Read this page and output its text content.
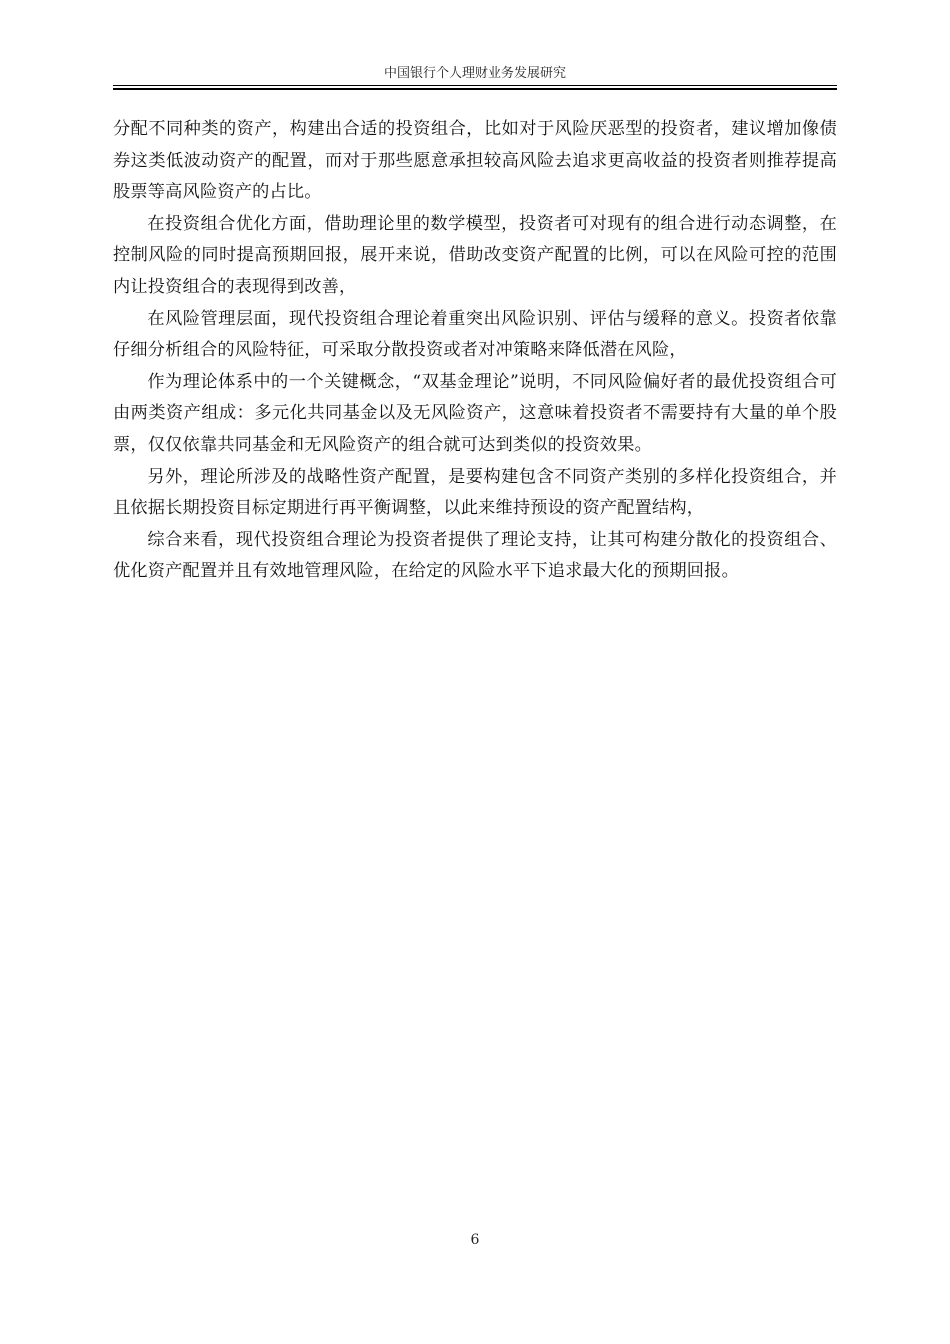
中国银行个人理财业务发展研究

分配不同种类的资产，构建出合适的投资组合，比如对于风险厌恶型的投资者，建议增加像债券这类低波动资产的配置，而对于那些愿意承担较高风险去追求更高收益的投资者则推荐提高股票等高风险资产的占比。

在投资组合优化方面，借助理论里的数学模型，投资者可对现有的组合进行动态调整，在控制风险的同时提高预期回报，展开来说，借助改变资产配置的比例，可以在风险可控的范围内让投资组合的表现得到改善，

在风险管理层面，现代投资组合理论着重突出风险识别、评估与缓释的意义。投资者依靠仔细分析组合的风险特征，可采取分散投资或者对冲策略来降低潜在风险，

作为理论体系中的一个关键概念，“双基金理论”说明，不同风险偏好者的最优投资组合可由两类资产组成：多元化共同基金以及无风险资产，这意味着投资者不需要持有大量的单个股票，仅仅依靠共同基金和无风险资产的组合就可达到类似的投资效果。

另外，理论所涉及的战略性资产配置，是要构建包含不同资产类别的多样化投资组合，并且依据长期投资目标定期进行再平衡调整，以此来维持预设的资产配置结构，

综合来看，现代投资组合理论为投资者提供了理论支持，让其可构建分散化的投资组合、优化资产配置并且有效地管理风险，在给定的风险水平下追求最大化的预期回报。

6
